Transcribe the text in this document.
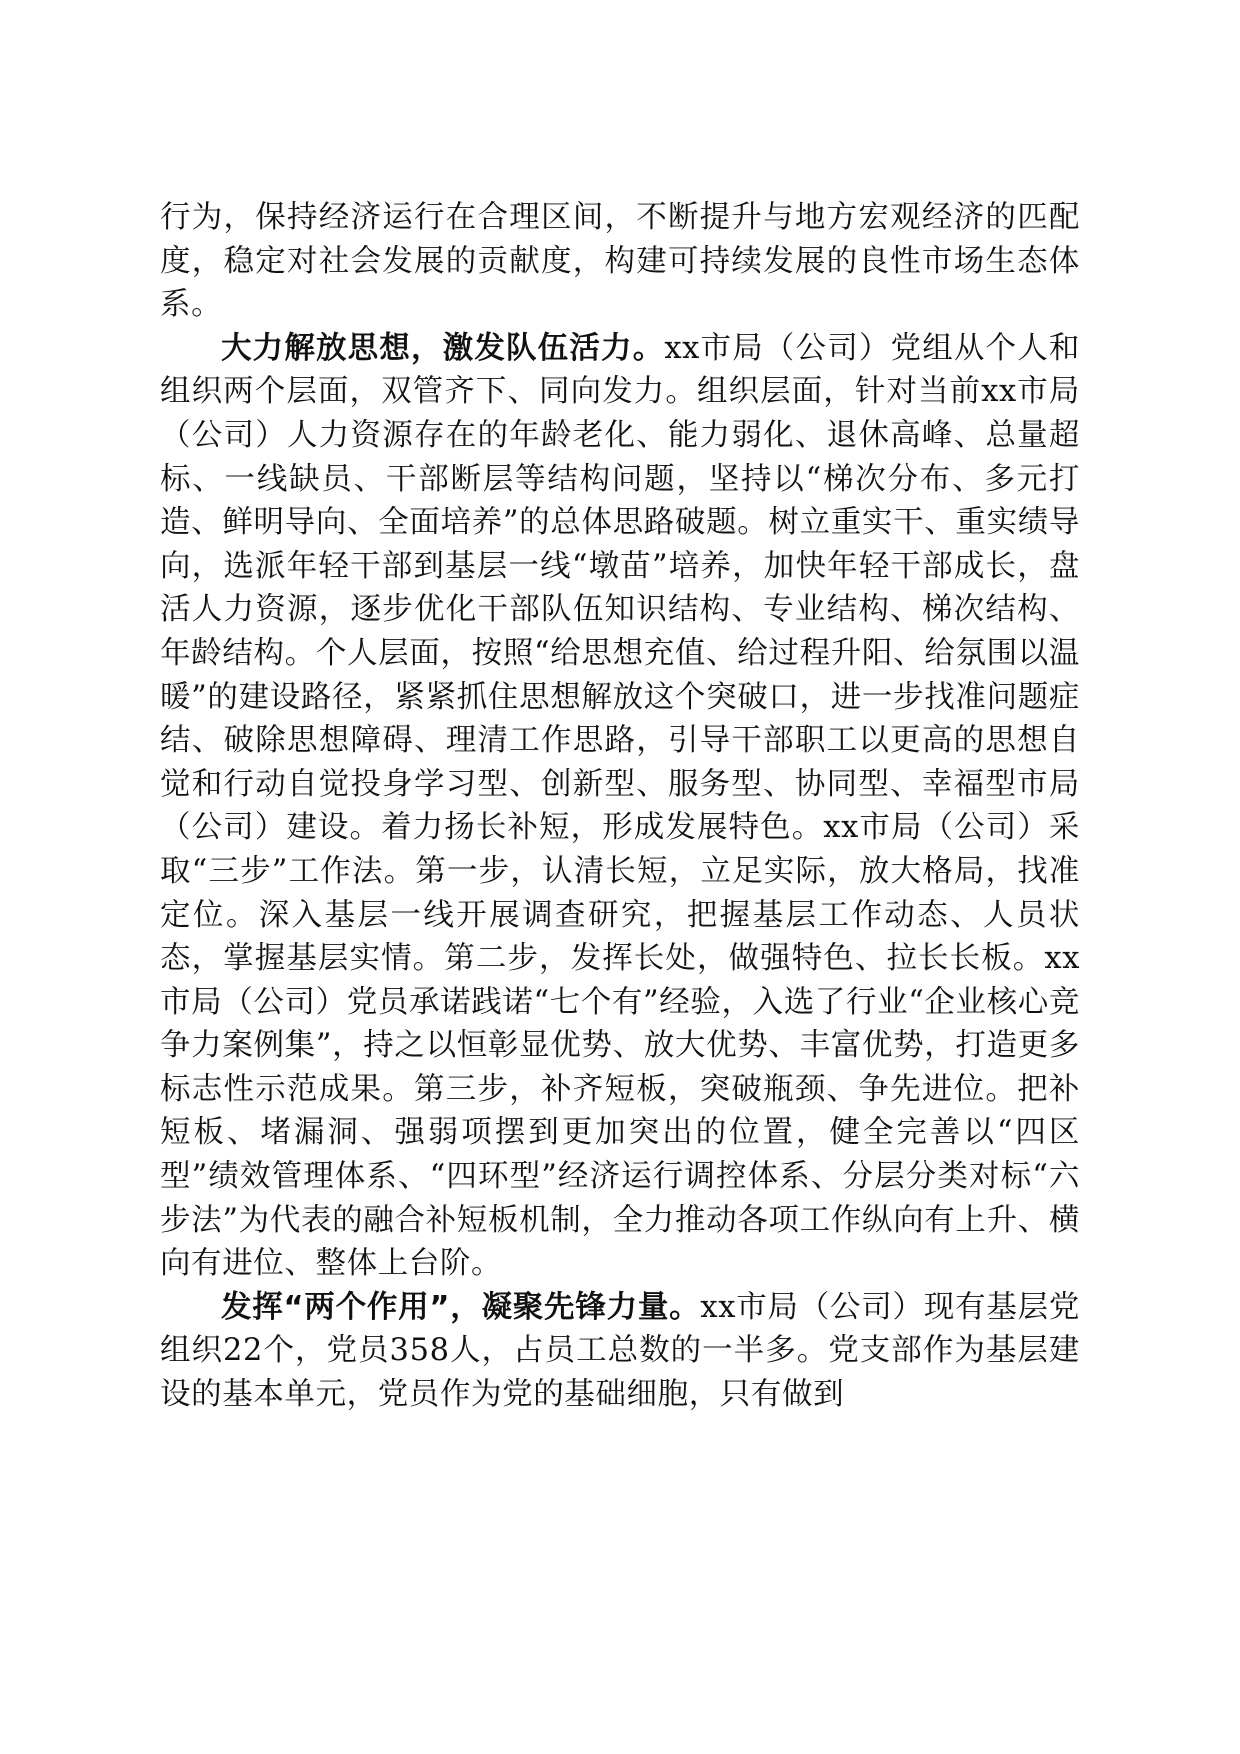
行为，保持经济运行在合理区间，不断提升与地方宏观经济的匹配度，稳定对社会发展的贡献度，构建可持续发展的良性市场生态体系。

大力解放思想，激发队伍活力。xx市局（公司）党组从个人和组织两个层面，双管齐下、同向发力。组织层面，针对当前xx市局（公司）人力资源存在的年龄老化、能力弱化、退休高峰、总量超标、一线缺员、干部断层等结构问题，坚持以“梯次分布、多元打造、鲜明导向、全面培养”的总体思路破题。树立重实干、重实绩导向，选派年轻干部到基层一线“墩苗”培养，加快年轻干部成长，盘活人力资源，逐步优化干部队伍知识结构、专业结构、梯次结构、年龄结构。个人层面，按照“给思想充值、给过程升阳、给氛围以温暖”的建设路径，紧紧抓住思想解放这个突破口，进一步找准问题症结、破除思想障碍、理清工作思路，引导干部职工以更高的思想自觉和行动自觉投身学习型、创新型、服务型、协同型、幸福型市局（公司）建设。着力扬长补短，形成发展特色。xx市局（公司）采取“三步”工作法。第一步，认清长短，立足实际，放大格局，找准定位。深入基层一线开展调查研究，把握基层工作动态、人员状态，掌握基层实情。第二步，发挥长处，做强特色、拉长长板。xx市局（公司）党员承诺践诺“七个有”经验，入选了行业“企业核心竞争力案例集”，持之以恒彰显优势、放大优势、丰富优势，打造更多标志性示范成果。第三步，补齐短板，突破瓶颈、争先进位。把补短板、堵漏洞、强弱项摆到更加突出的位置，健全完善以“四区型”绩效管理体系、“四环型”经济运行调控体系、分层分类对标“六步法”为代表的融合补短板机制，全力推动各项工作纵向有上升、横向有进位、整体上台阶。

发挥“两个作用”，凝聚先锋力量。xx市局（公司）现有基层党组织22个，党员358人，占员工总数的一半多。党支部作为基层建设的基本单元，党员作为党的基础细胞，只有做到
